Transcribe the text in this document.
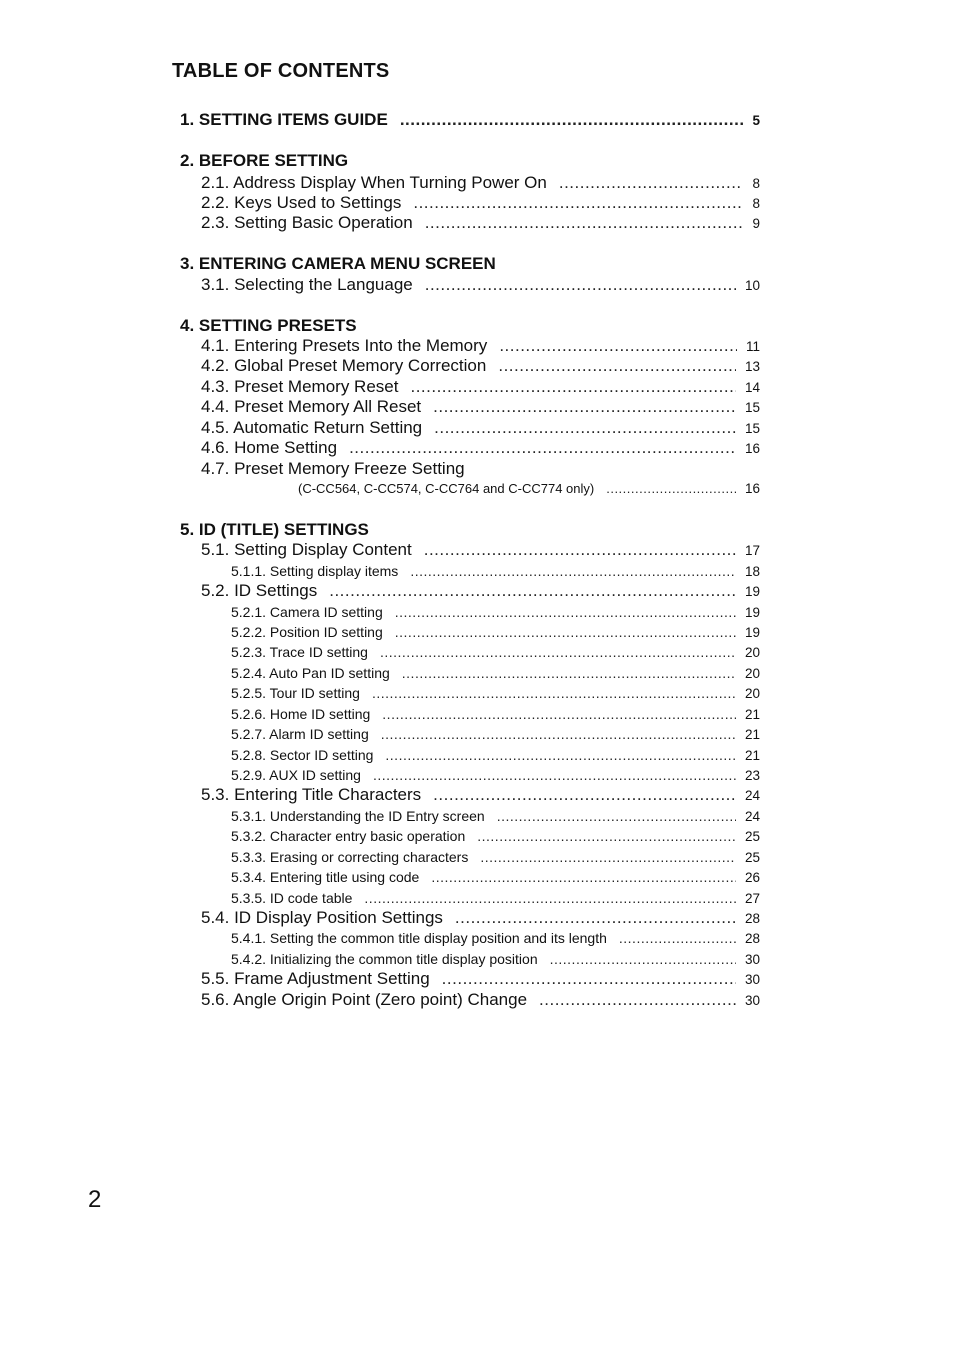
TABLE OF CONTENTS
1. SETTING ITEMS GUIDE .....	5
2. BEFORE SETTING
2.1. Address Display When Turning Power On .....	8
2.2. Keys Used to Settings .....	8
2.3. Setting Basic Operation .....	9
3. ENTERING CAMERA MENU SCREEN
3.1. Selecting the Language .....	10
4. SETTING PRESETS
4.1. Entering Presets Into the Memory .....	11
4.2. Global Preset Memory Correction .....	13
4.3. Preset Memory Reset .....	14
4.4. Preset Memory All Reset .....	15
4.5. Automatic Return Setting .....	15
4.6. Home Setting .....	16
4.7. Preset Memory Freeze Setting
(C-CC564, C-CC574, C-CC764 and C-CC774 only) .....	16
5. ID (TITLE) SETTINGS
5.1. Setting Display Content .....	17
5.1.1. Setting display items .....	18
5.2. ID Settings .....	19
5.2.1. Camera ID setting .....	19
5.2.2. Position ID setting .....	19
5.2.3. Trace ID setting .....	20
5.2.4. Auto Pan ID setting .....	20
5.2.5. Tour ID setting .....	20
5.2.6. Home ID setting .....	21
5.2.7. Alarm ID setting .....	21
5.2.8. Sector ID setting .....	21
5.2.9. AUX ID setting .....	23
5.3. Entering Title Characters .....	24
5.3.1. Understanding the ID Entry screen .....	24
5.3.2. Character entry basic operation .....	25
5.3.3. Erasing or correcting characters .....	25
5.3.4. Entering title using code .....	26
5.3.5. ID code table .....	27
5.4. ID Display Position Settings .....	28
5.4.1. Setting the common title display position and its length .....	28
5.4.2. Initializing the common title display position .....	30
5.5. Frame Adjustment Setting .....	30
5.6. Angle Origin Point (Zero point) Change .....	30
2
